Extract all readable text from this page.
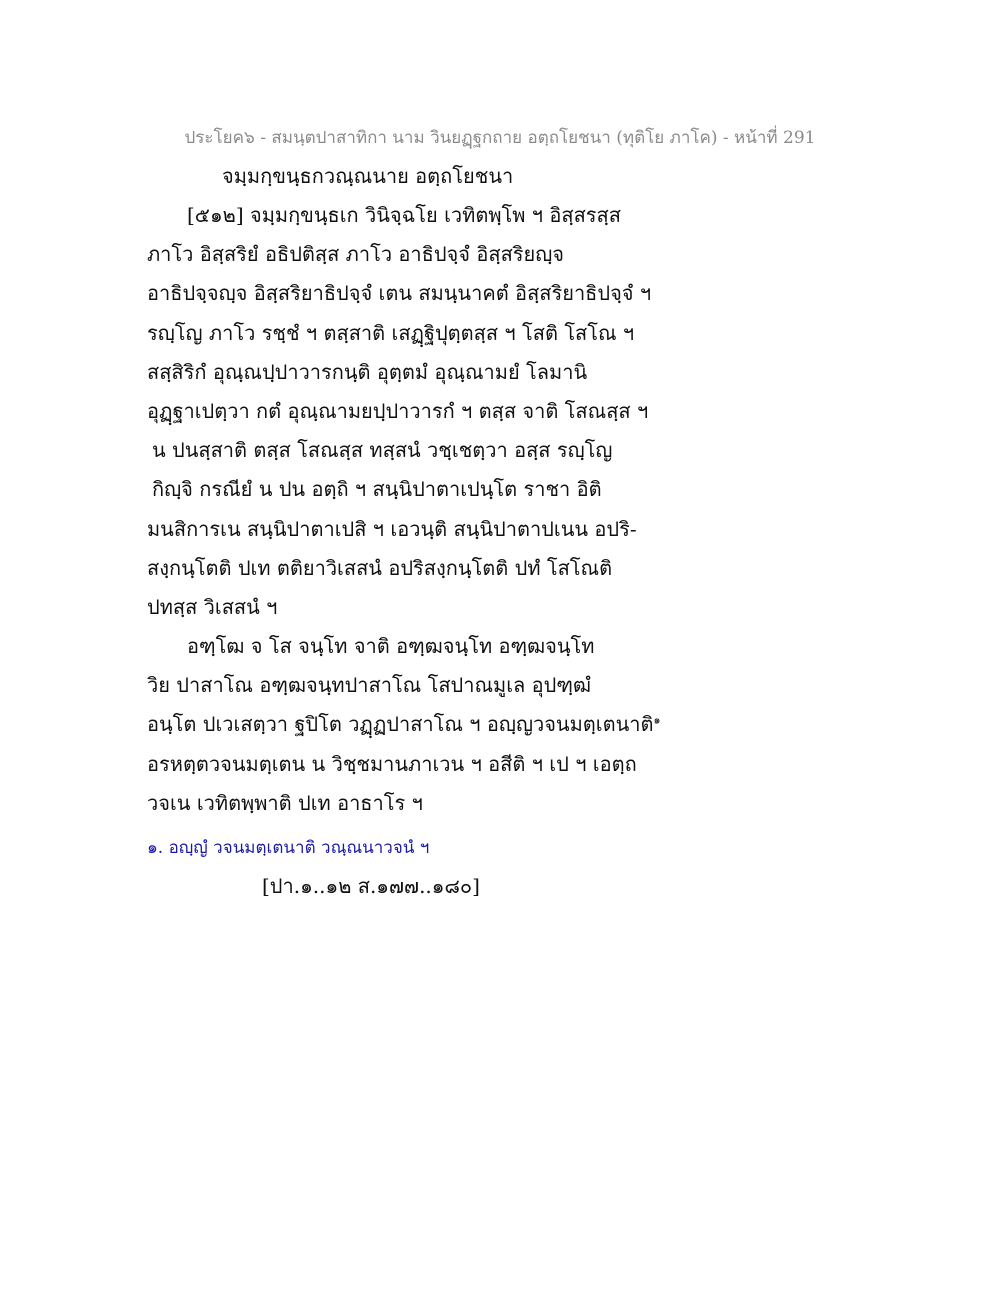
ประโยค๖ - สมนฺตปาสาทิกา นาม วินยฏฺฐกถาย อตฺถโยชนา (ทุติโย ภาโค) - หน้าที่ 291
จมฺมกฺขนฺธกวณฺณนาย อตฺถโยชนา
[๕๑๒] จมฺมกฺขนฺธเก วินิจฺฉโย เวทิตพฺโพ ฯ อิสฺสรสฺส
ภาโว อิสฺสริยํ อธิปติสฺส ภาโว อาธิปจฺจํ อิสฺสริยญฺจ
อาธิปจฺจญฺจ อิสฺสริยาธิปจฺจํ เตน สมนฺนาคตํ อิสฺสริยาธิปจฺจํ ฯ
รญฺโญ ภาโว รชฺชํ ฯ ตสฺสาติ เสฏฺฐิปุตฺตสฺส ฯ โสติ โสโณ ฯ
สสฺสิริกํ อุณฺณปฺปาวารกนฺติ อุตฺตมํ อุณฺณามยํ โลมานิ
อุฏฺฐาเปตฺวา กตํ อุณฺณามยปฺปาวารกํ ฯ ตสฺส จาติ โสณสฺส ฯ
น ปนสฺสาติ ตสฺส โสณสฺส ทสฺสนํ วชฺเชตฺวา อสฺส รญฺโญ
กิญฺจิ กรณียํ น ปน อตฺถิ ฯ สนฺนิปาตาเปนฺโต ราชา อิติ
มนสิการเน สนฺนิปาตาเปสิ ฯ เอวนฺติ สนฺนิปาตาปเนน อปริ-
สงฺกนฺโตติ ปเท ตติยาวิเสสนํ อปริสงฺกนฺโตติ ปทํ โสโณติ
ปทสฺส วิเสสนํ ฯ
อฑฺโฒ จ โส จนฺโท จาติ อฑฺฒจนฺโท อฑฺฒจนฺโท
วิย ปาสาโณ อฑฺฒจนฺทปาสาโณ โสปาณมูเล อุปฑฺฒํ
อนฺโต ปเวเสตฺวา ฐปิโต วฏฺฏปาสาโณ ฯ อญฺญวจนมตฺเตนาติ$^๑$
อรหตฺตวจนมตฺเตน น วิชฺชมานภาเวน ฯ อสีติ ฯ เป ฯ เอตฺถ
วจเน เวทิตพฺพาติ ปเท อาธาโร ฯ
๑. อญฺญํ วจนมตฺเตนาติ วณฺณนาวจนํ ฯ
[ปา.๑..๑๒ ส.๑๗๗..๑๘๐]
